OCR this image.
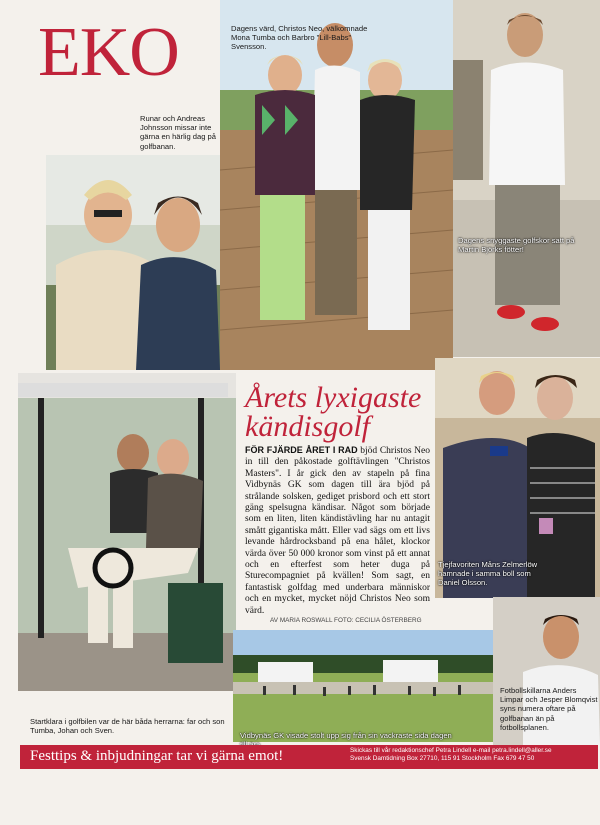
EKO
Runar och Andreas Johnsson missar inte gärna en härlig dag på golfbanan.
Dagens värd, Christos Neo, välkomnade Mona Tumba och Barbro "Lill-Babs" Svensson.
Dagens snyggaste golfskor satt på Martin Björks fötter!
Startklara i golfbilen var de här båda herrarna: far och son Tumba, Johan och Sven.
Årets lyxigaste kändisgolf
FÖR FJÄRDE ÅRET I RAD bjöd Christos Neo in till den påkostade golftävlingen "Christos Masters". I år gick den av stapeln på fina Vidbynäs GK som dagen till ära bjöd på strålande solsken, gediget prisbord och ett stort gäng spelsugna kändisar. Något som började som en liten, liten kändistävling har nu antagit smått gigantiska mått. Eller vad sägs om ett livs levande hårdrocksband på ena hålet, klockor värda över 50 000 kronor som vinst på ett annat och en efterfest som heter duga på Sturecompagniet på kvällen! Som sagt, en fantastisk golfdag med underbara människor och en mycket, mycket nöjd Christos Neo som värd.
AV MARIA ROSWALL FOTO: CECILIA ÖSTERBERG
Tjejfavoriten Måns Zelmerlöw hamnade i samma boll som Daniel Olsson.
Vidbynäs GK visade stolt upp sig från sin vackraste sida dagen
Fotbollskillarna Anders Limpar och Jesper Blomqvist syns numera oftare på golfbanan än på fotbollsplanen.
Festtips & inbjudningar tar vi gärna emot!	Skickas till vår redaktionschef Petra Lindell e-mail petra.lindell@aller.se
Svensk Damtidning Box 27710, 115 91 Stockholm Fax 679 47 50
